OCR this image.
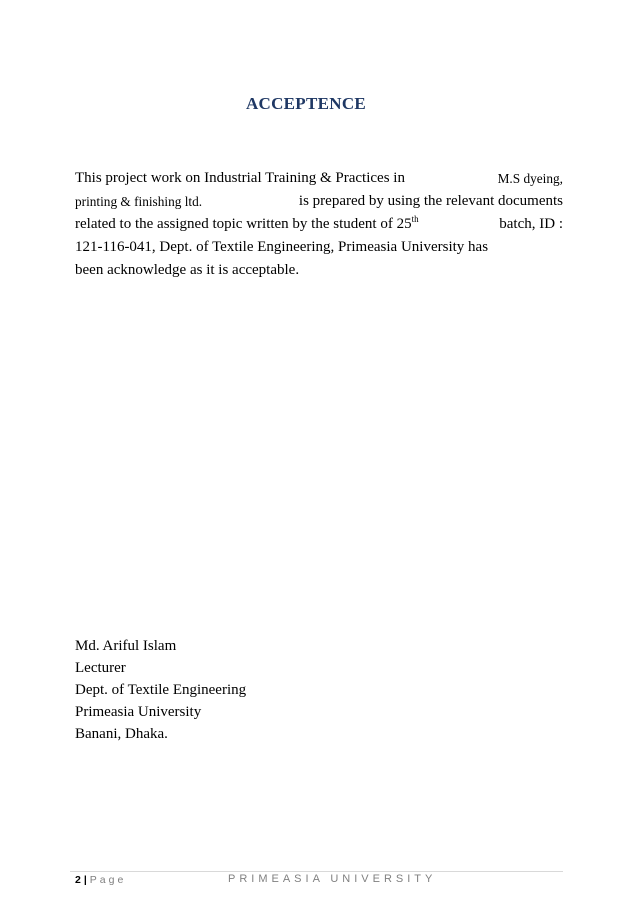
ACCEPTENCE
This project work on Industrial Training & Practices in	M.S dyeing,
printing & finishing ltd.	is prepared by using the relevant documents
related to the assigned topic written by the student of 25th	batch, ID :
121-116-041, Dept. of Textile Engineering, Primeasia University has
been acknowledge as it is acceptable.
Md. Ariful Islam
Lecturer
Dept. of Textile Engineering
Primeasia University
Banani, Dhaka.
2 | Page	PRIMEASIA UNIVERSITY
